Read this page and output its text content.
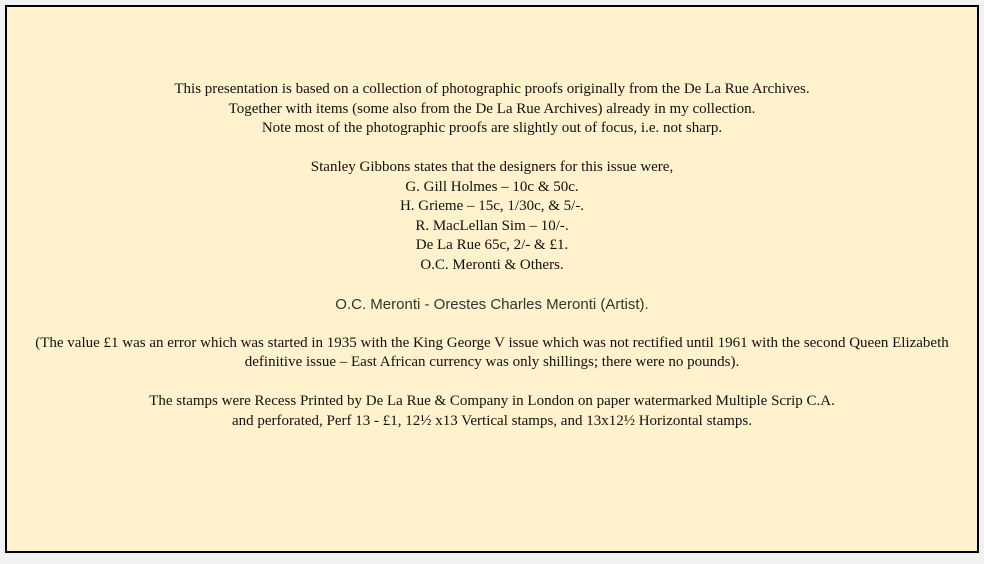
This presentation is based on a collection of photographic proofs originally from the De La Rue Archives.
Together with items (some also from the De La Rue Archives) already in my collection.
Note most of the photographic proofs are slightly out of focus, i.e. not sharp.

Stanley Gibbons states that the designers for this issue were,
G. Gill Holmes – 10c & 50c.
H. Grieme – 15c, 1/30c, & 5/-.
R. MacLellan Sim – 10/-.
De La Rue 65c, 2/- & £1.
O.C. Meronti & Others.

O.C. Meronti - Orestes Charles Meronti (Artist).

(The value £1 was an error which was started in 1935 with the King George V issue which was not rectified until 1961 with the second Queen Elizabeth definitive issue – East African currency was only shillings; there were no pounds).

The stamps were Recess Printed by De La Rue & Company in London on paper watermarked Multiple Scrip C.A.
and perforated, Perf 13 - £1, 12½ x13 Vertical stamps, and 13x12½ Horizontal stamps.
